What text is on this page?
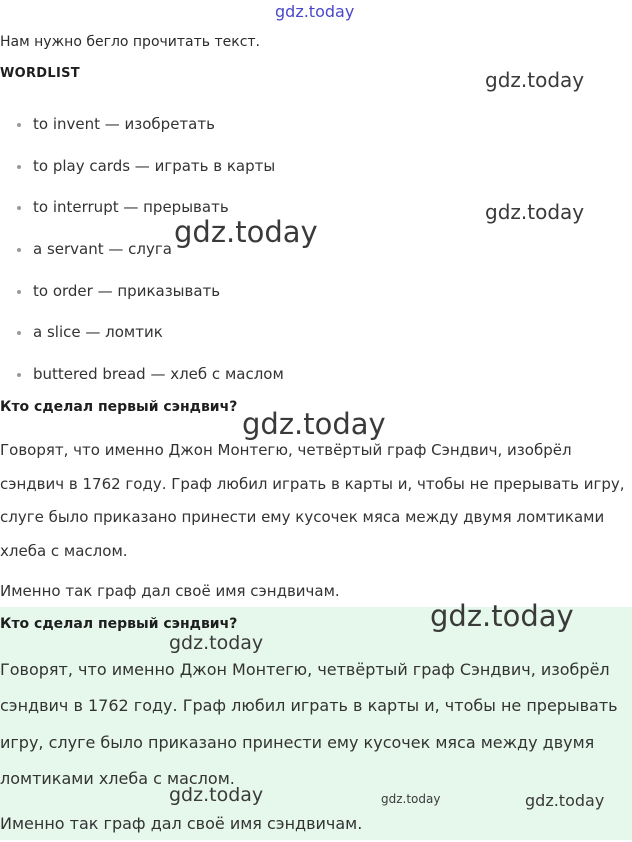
Нам нужно бегло прочитать текст.
WORDLIST
to invent — изобретать
to play cards — играть в карты
to interrupt — прерывать
a servant — слуга
to order — приказывать
a slice — ломтик
buttered bread — хлеб с маслом
Кто сделал первый сэндвич?
Говорят, что именно Джон Монтегю, четвёртый граф Сэндвич, изобрёл сэндвич в 1762 году. Граф любил играть в карты и, чтобы не прерывать игру, слуге было приказано принести ему кусочек мяса между двумя ломтиками хлеба с маслом.
Именно так граф дал своё имя сэндвичам.
Кто сделал первый сэндвич?
Говорят, что именно Джон Монтегю, четвёртый граф Сэндвич, изобрёл сэндвич в 1762 году. Граф любил играть в карты и, чтобы не прерывать игру, слуге было приказано принести ему кусочек мяса между двумя ломтиками хлеба с маслом.
Именно так граф дал своё имя сэндвичам.
gdz.today
gdz.today
gdz.today
gdz.today
gdz.today
gdz.today
gdz.today
gdz.today	gdz.today	gdz.today
